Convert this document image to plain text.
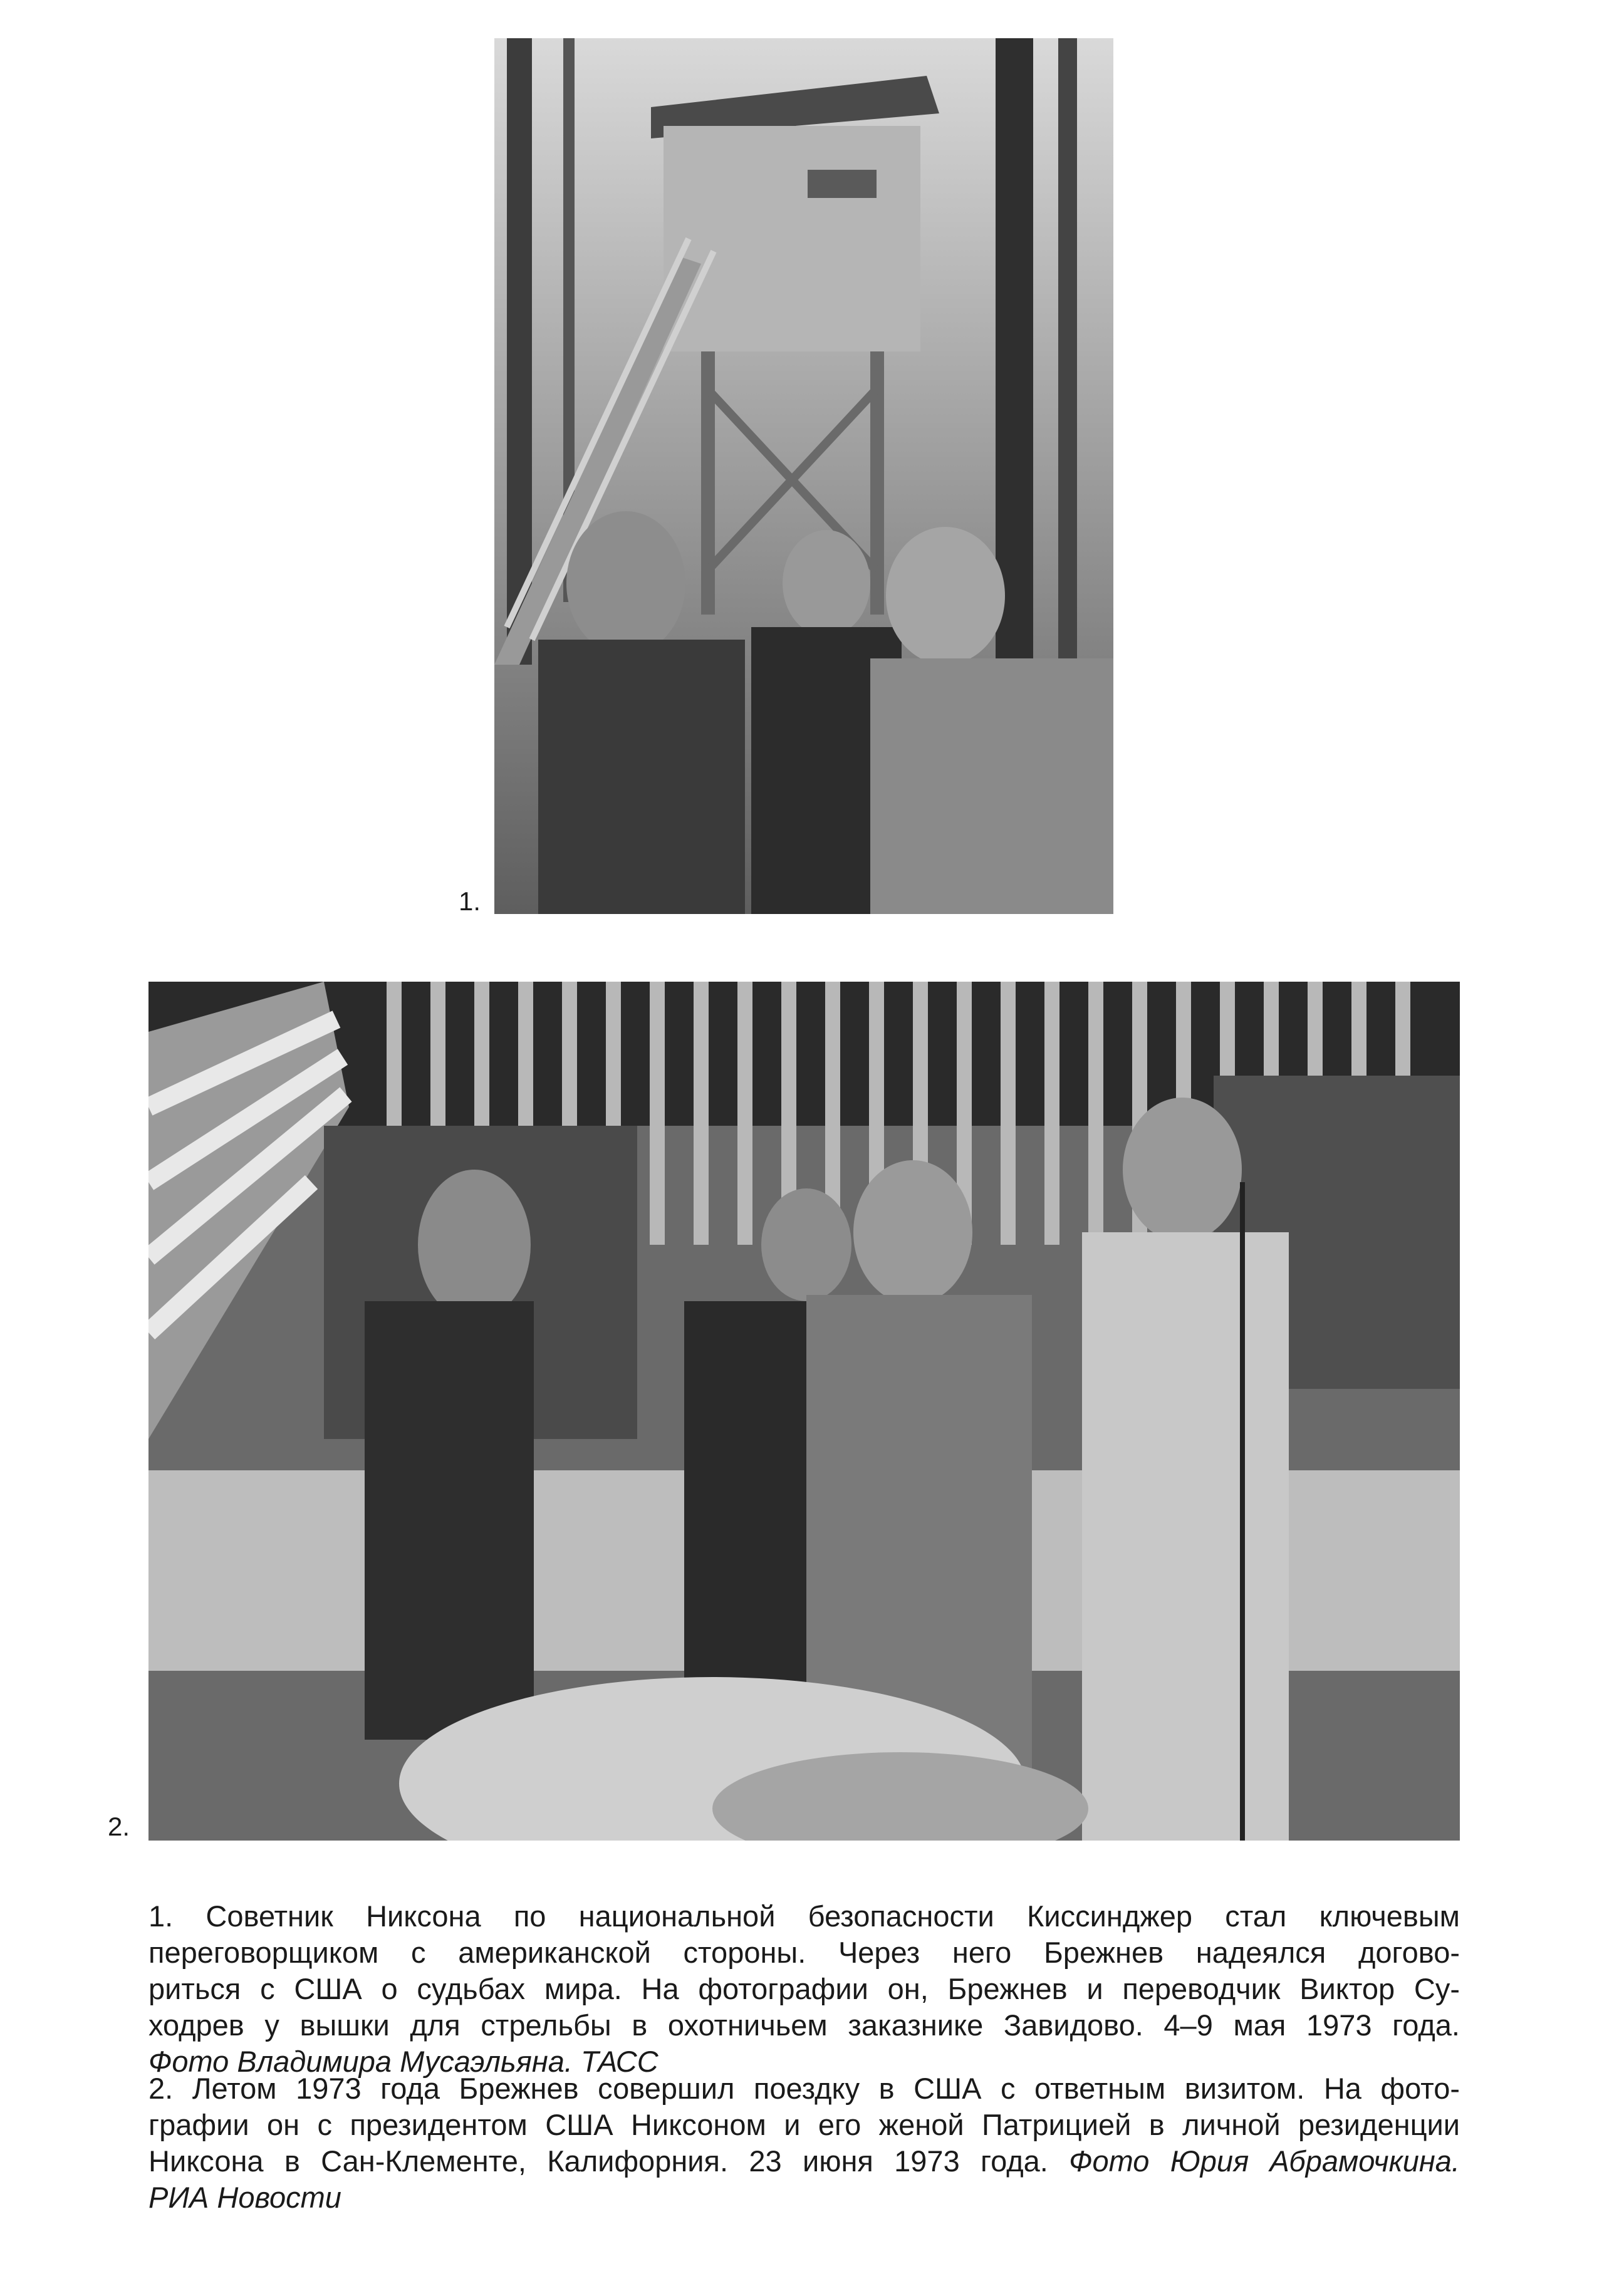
1.
2.
1. Советник Никсона по национальной безопасности Киссинджер стал ключевым
переговорщиком с американской стороны. Через него Брежнев надеялся догово-
риться с США о судьбах мира. На фотографии он, Брежнев и переводчик Виктор Су-
ходрев у вышки для стрельбы в охотничьем заказнике Завидово. 4–9 мая 1973 года.
Фото Владимира Мусаэльяна. ТАСС
2. Летом 1973 года Брежнев совершил поездку в США с ответным визитом. На фото-
графии он с президентом США Никсоном и его женой Патрицией в личной резиденции
Никсона в Сан-Клементе, Калифорния. 23 июня 1973 года. Фото Юрия Абрамочкина.
РИА Новости
